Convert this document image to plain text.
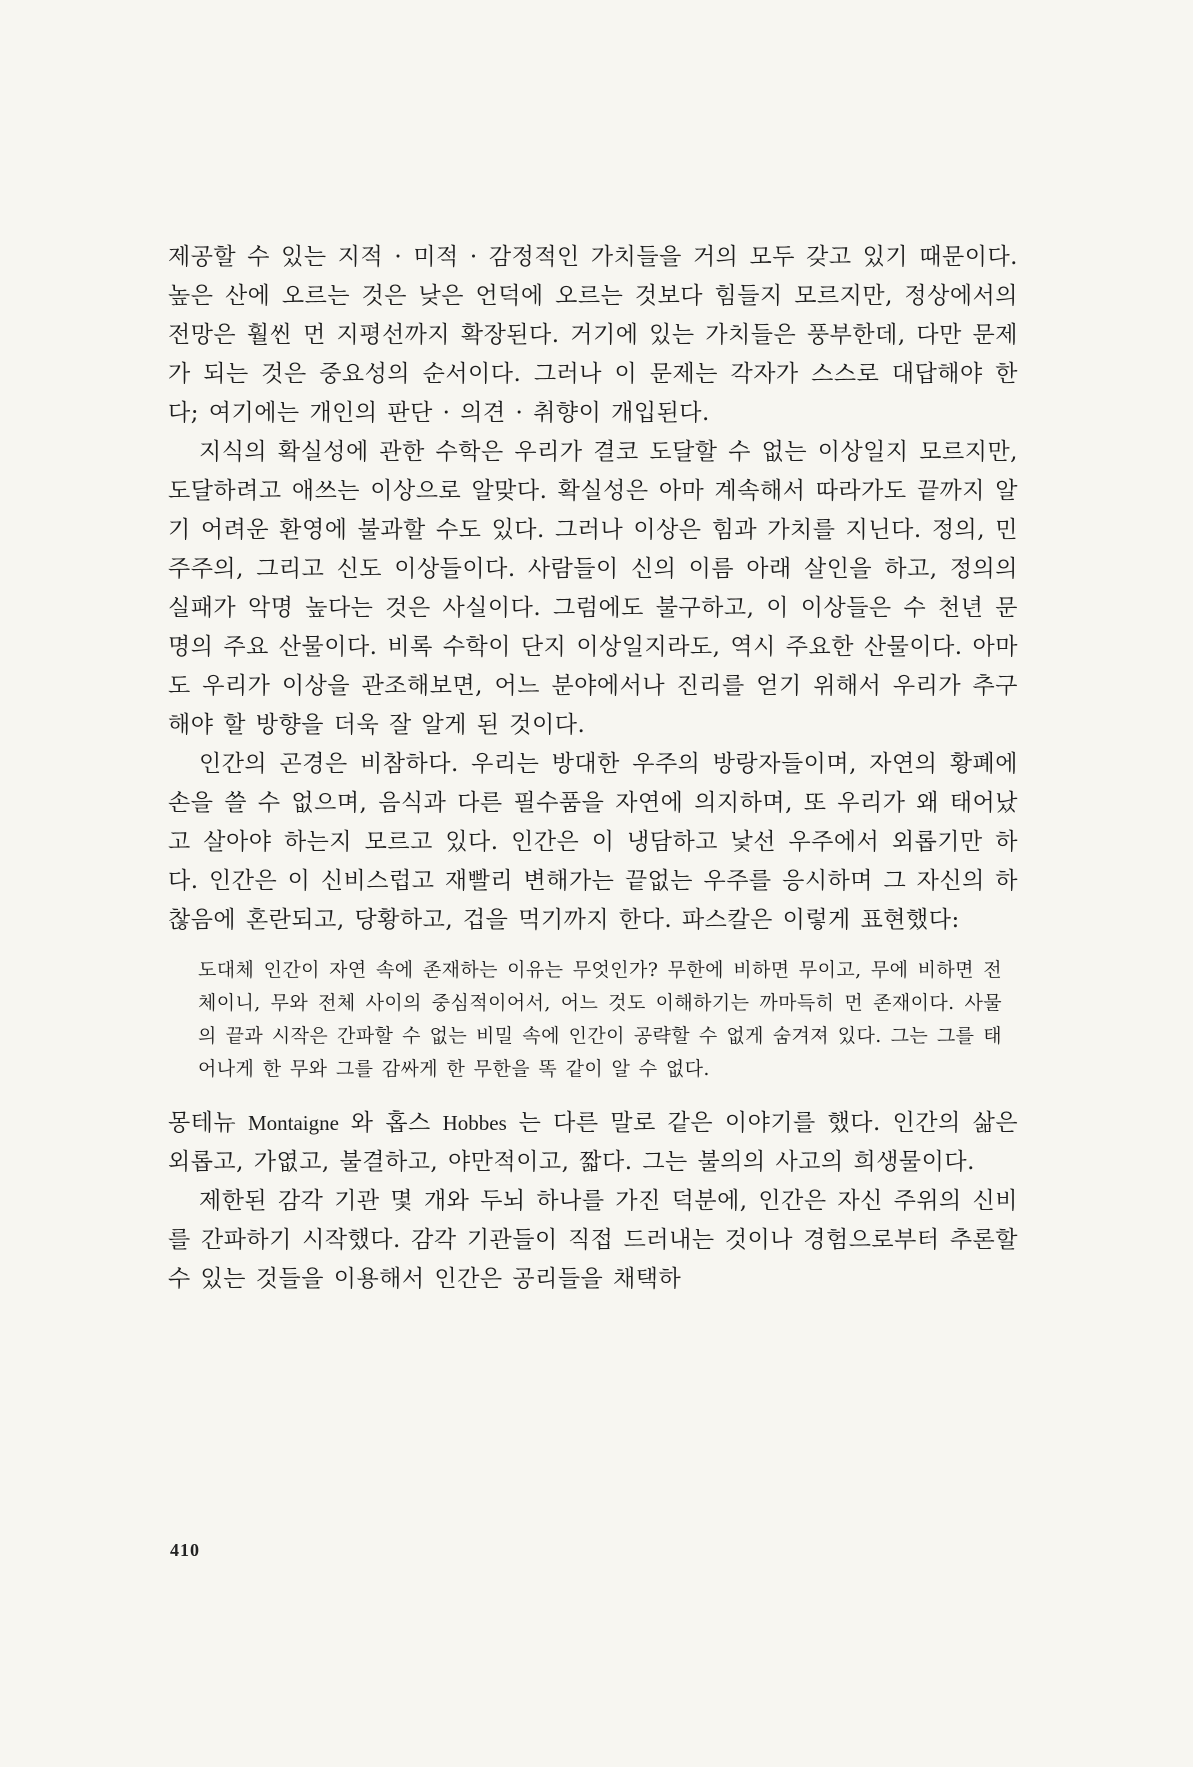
제공할 수 있는 지적 · 미적 · 감정적인 가치들을 거의 모두 갖고 있기 때문이다. 높은 산에 오르는 것은 낮은 언덕에 오르는 것보다 힘들지 모르지만, 정상에서의 전망은 훨씬 먼 지평선까지 확장된다. 거기에 있는 가치들은 풍부한데, 다만 문제가 되는 것은 중요성의 순서이다. 그러나 이 문제는 각자가 스스로 대답해야 한다; 여기에는 개인의 판단 · 의견 · 취향이 개입된다.

지식의 확실성에 관한 수학은 우리가 결코 도달할 수 없는 이상일지 모르지만, 도달하려고 애쓰는 이상으로 알맞다. 확실성은 아마 계속해서 따라가도 끝까지 알기 어려운 환영에 불과할 수도 있다. 그러나 이상은 힘과 가치를 지닌다. 정의, 민주주의, 그리고 신도 이상들이다. 사람들이 신의 이름 아래 살인을 하고, 정의의 실패가 악명 높다는 것은 사실이다. 그럼에도 불구하고, 이 이상들은 수 천년 문명의 주요 산물이다. 비록 수학이 단지 이상일지라도, 역시 주요한 산물이다. 아마도 우리가 이상을 관조해보면, 어느 분야에서나 진리를 얻기 위해서 우리가 추구해야 할 방향을 더욱 잘 알게 된 것이다.

인간의 곤경은 비참하다. 우리는 방대한 우주의 방랑자들이며, 자연의 황폐에 손을 쓸 수 없으며, 음식과 다른 필수품을 자연에 의지하며, 또 우리가 왜 태어났고 살아야 하는지 모르고 있다. 인간은 이 냉담하고 낯선 우주에서 외롭기만 하다. 인간은 이 신비스럽고 재빨리 변해가는 끝없는 우주를 응시하며 그 자신의 하찮음에 혼란되고, 당황하고, 겁을 먹기까지 한다. 파스칼은 이렇게 표현했다:

도대체 인간이 자연 속에 존재하는 이유는 무엇인가? 무한에 비하면 무이고, 무에 비하면 전체이니, 무와 전체 사이의 중심적이어서, 어느 것도 이해하기는 까마득히 먼 존재이다. 사물의 끝과 시작은 간파할 수 없는 비밀 속에 인간이 공략할 수 없게 숨겨져 있다. 그는 그를 태어나게 한 무와 그를 감싸게 한 무한을 똑 같이 알 수 없다.

몽테뉴 Montaigne 와 홉스 Hobbes 는 다른 말로 같은 이야기를 했다. 인간의 삶은 외롭고, 가엾고, 불결하고, 야만적이고, 짧다. 그는 불의의 사고의 희생물이다.

제한된 감각 기관 몇 개와 두뇌 하나를 가진 덕분에, 인간은 자신 주위의 신비를 간파하기 시작했다. 감각 기관들이 직접 드러내는 것이나 경험으로부터 추론할 수 있는 것들을 이용해서 인간은 공리들을 채택하

410
